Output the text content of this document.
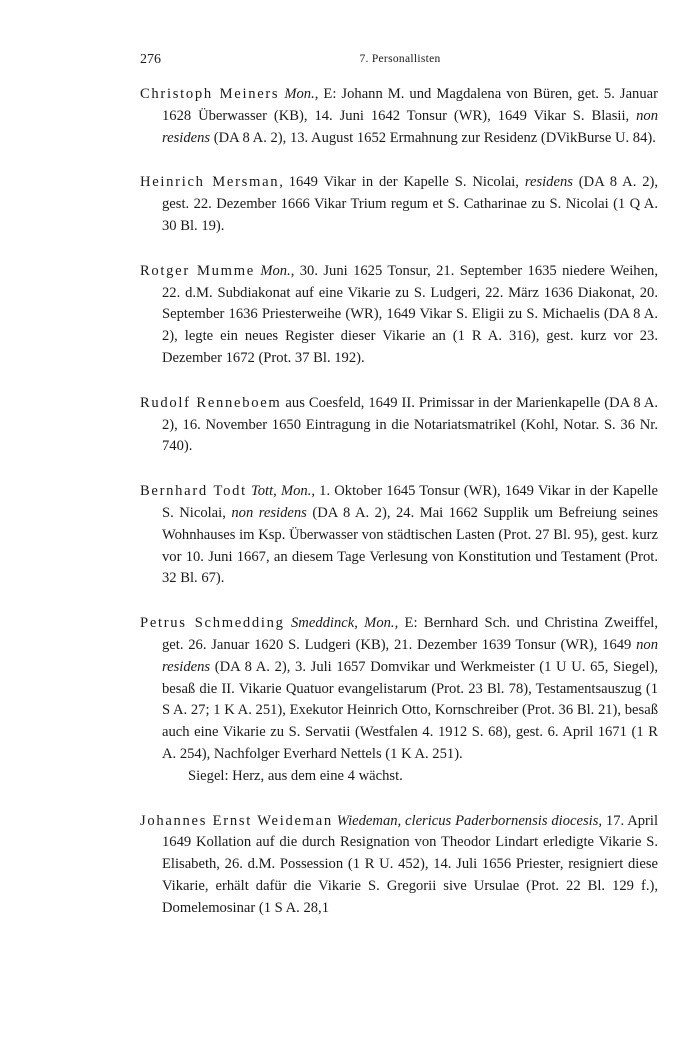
276	7. Personallisten

Christoph Meiners Mon., E: Johann M. und Magdalena von Büren, get. 5. Januar 1628 Überwasser (KB), 14. Juni 1642 Tonsur (WR), 1649 Vikar S. Blasii, non residens (DA 8 A. 2), 13. August 1652 Ermahnung zur Residenz (DVikBurse U. 84).

Heinrich Mersman, 1649 Vikar in der Kapelle S. Nicolai, residens (DA 8 A. 2), gest. 22. Dezember 1666 Vikar Trium regum et S. Catharinae zu S. Nicolai (1 Q A. 30 Bl. 19).

Rotger Mumme Mon., 30. Juni 1625 Tonsur, 21. September 1635 niedere Weihen, 22. d.M. Subdiakonat auf eine Vikarie zu S. Ludgeri, 22. März 1636 Diakonat, 20. September 1636 Priesterweihe (WR), 1649 Vikar S. Eligii zu S. Michaelis (DA 8 A. 2), legte ein neues Register dieser Vikarie an (1 R A. 316), gest. kurz vor 23. Dezember 1672 (Prot. 37 Bl. 192).

Rudolf Renneboem aus Coesfeld, 1649 II. Primissar in der Marienkapelle (DA 8 A. 2), 16. November 1650 Eintragung in die Notariatsmatrikel (Kohl, Notar. S. 36 Nr. 740).

Bernhard Todt Tott, Mon., 1. Oktober 1645 Tonsur (WR), 1649 Vikar in der Kapelle S. Nicolai, non residens (DA 8 A. 2), 24. Mai 1662 Supplik um Befreiung seines Wohnhauses im Ksp. Überwasser von städtischen Lasten (Prot. 27 Bl. 95), gest. kurz vor 10. Juni 1667, an diesem Tage Verlesung von Konstitution und Testament (Prot. 32 Bl. 67).

Petrus Schmedding Smeddinck, Mon., E: Bernhard Sch. und Christina Zweiffel, get. 26. Januar 1620 S. Ludgeri (KB), 21. Dezember 1639 Tonsur (WR), 1649 non residens (DA 8 A. 2), 3. Juli 1657 Domvikar und Werkmeister (1 U U. 65, Siegel), besaß die II. Vikarie Quatuor evangelistarum (Prot. 23 Bl. 78), Testamentsauszug (1 S A. 27; 1 K A. 251), Exekutor Heinrich Otto, Kornschreiber (Prot. 36 Bl. 21), besaß auch eine Vikarie zu S. Servatii (Westfalen 4. 1912 S. 68), gest. 6. April 1671 (1 R A. 254), Nachfolger Everhard Nettels (1 K A. 251).
Siegel: Herz, aus dem eine 4 wächst.

Johannes Ernst Weideman Wiedeman, clericus Paderbornensis diocesis, 17. April 1649 Kollation auf die durch Resignation von Theodor Lindart erledigte Vikarie S. Elisabeth, 26. d.M. Possession (1 R U. 452), 14. Juli 1656 Priester, resigniert diese Vikarie, erhält dafür die Vikarie S. Gregorii sive Ursulae (Prot. 22 Bl. 129 f.), Domelemosinar (1 S A. 28,1
